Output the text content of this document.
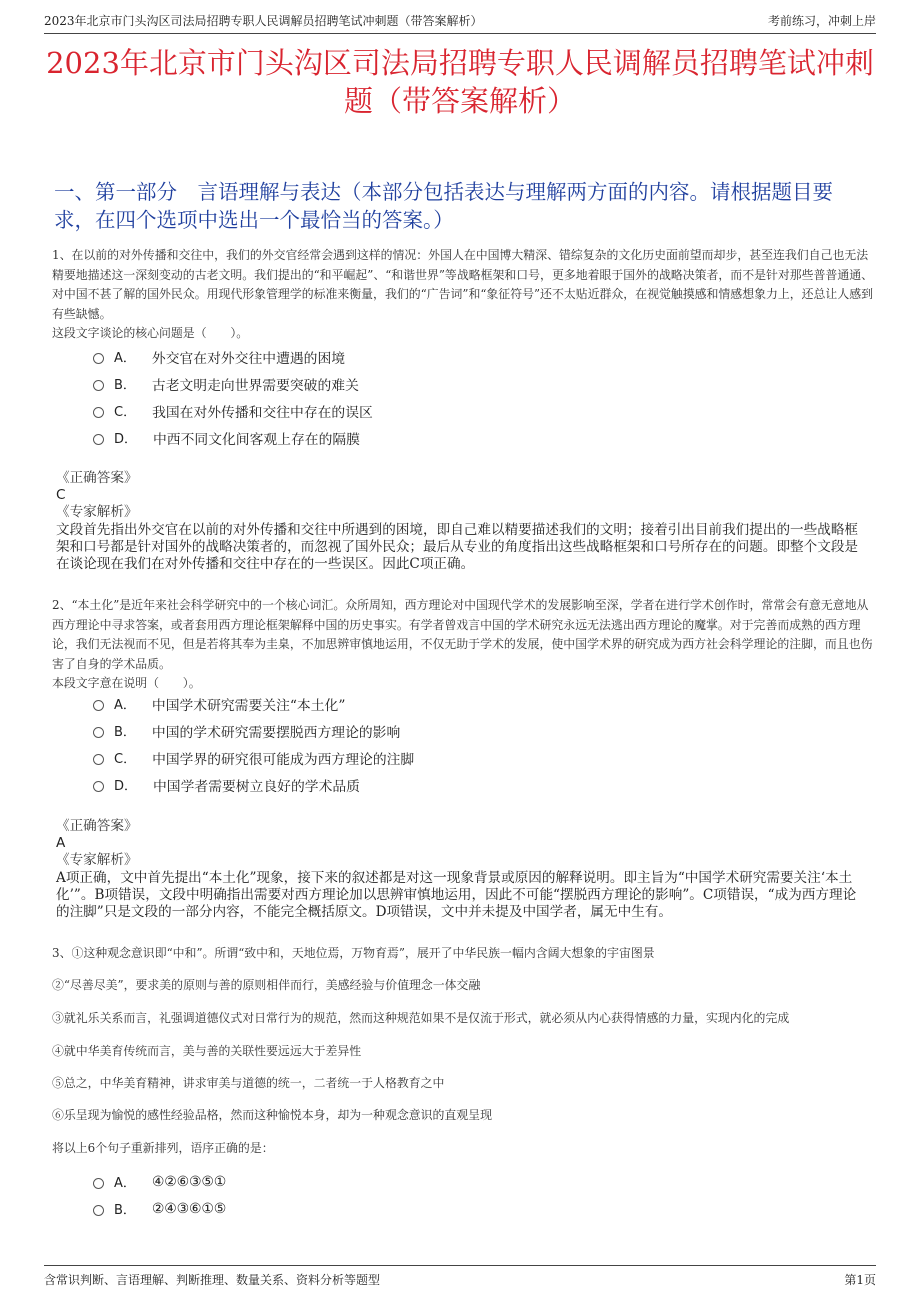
2023年北京市门头沟区司法局招聘专职人民调解员招聘笔试冲刺题（带答案解析）	考前练习，冲刺上岸
2023年北京市门头沟区司法局招聘专职人民调解员招聘笔试冲刺题（带答案解析）
一、第一部分　言语理解与表达（本部分包括表达与理解两方面的内容。请根据题目要求，在四个选项中选出一个最恰当的答案。）

1、在以前的对外传播和交往中，我们的外交官经常会遇到这样的情况：外国人在中国博大精深、错综复杂的文化历史面前望而却步，甚至连我们自己也无法精要地描述这一深刻变动的古老文明。我们提出的“和平崛起”、“和谐世界”等战略框架和口号，更多地着眼于国外的战略决策者，而不是针对那些普普通通、对中国不甚了解的国外民众。用现代形象管理学的标准来衡量，我们的“广告词”和“象征符号”还不太贴近群众，在视觉触摸感和情感想象力上，还总让人感到有些缺憾。

这段文字谈论的核心问题是（　　）。

A． 外交官在对外交往中遭遇的困境
B． 古老文明走向世界需要突破的难关
C． 我国在对外传播和交往中存在的误区
D． 中西不同文化间客观上存在的隔膜
《正确答案》
C
《专家解析》
文段首先指出外交官在以前的对外传播和交往中所遇到的困境，即自己难以精要描述我们的文明；接着引出目前我们提出的一些战略框架和口号都是针对国外的战略决策者的，而忽视了国外民众；最后从专业的角度指出这些战略框架和口号所存在的问题。即整个文段是在谈论现在我们在对外传播和交往中存在的一些误区。因此C项正确。

2、“本土化”是近年来社会科学研究中的一个核心词汇。众所周知，西方理论对中国现代学术的发展影响至深，学者在进行学术创作时，常常会有意无意地从西方理论中寻求答案，或者套用西方理论框架解释中国的历史事实。有学者曾戏言中国的学术研究永远无法逃出西方理论的魔掌。对于完善而成熟的西方理论，我们无法视而不见，但是若将其奉为圭臬，不加思辨审慎地运用，不仅无助于学术的发展，使中国学术界的研究成为西方社会科学理论的注脚，而且也伤害了自身的学术品质。

本段文字意在说明（　　）。

A． 中国学术研究需要关注“本土化”
B． 中国的学术研究需要摆脱西方理论的影响
C． 中国学界的研究很可能成为西方理论的注脚
D． 中国学者需要树立良好的学术品质
《正确答案》
A
《专家解析》
A项正确，文中首先提出“本土化”现象，接下来的叙述都是对这一现象背景或原因的解释说明。即主旨为“中国学术研究需要关注‘本土化’”。B项错误，文段中明确指出需要对西方理论加以思辨审慎地运用，因此不可能“摆脱西方理论的影响”。C项错误，“成为西方理论的注脚”只是文段的一部分内容，不能完全概括原文。D项错误，文中并未提及中国学者，属无中生有。
3、①这种观念意识即“中和”。所谓“致中和，天地位焉，万物育焉”，展开了中华民族一幅内含阔大想象的宇宙图景
②“尽善尽美”，要求美的原则与善的原则相伴而行，美感经验与价值理念一体交融
③就礼乐关系而言，礼强调道德仪式对日常行为的规范，然而这种规范如果不是仅流于形式，就必须从内心获得情感的力量，实现内化的完成
④就中华美育传统而言，美与善的关联性要远远大于差异性
⑤总之，中华美育精神，讲求审美与道德的统一，二者统一于人格教育之中
⑥乐呈现为愉悦的感性经验品格，然而这种愉悦本身，却为一种观念意识的直观呈现
将以上6个句子重新排列，语序正确的是：
A． ④②⑥③⑤①
B． ②④③⑥①⑤
含常识判断、言语理解、判断推理、数量关系、资料分析等题型	第1页
